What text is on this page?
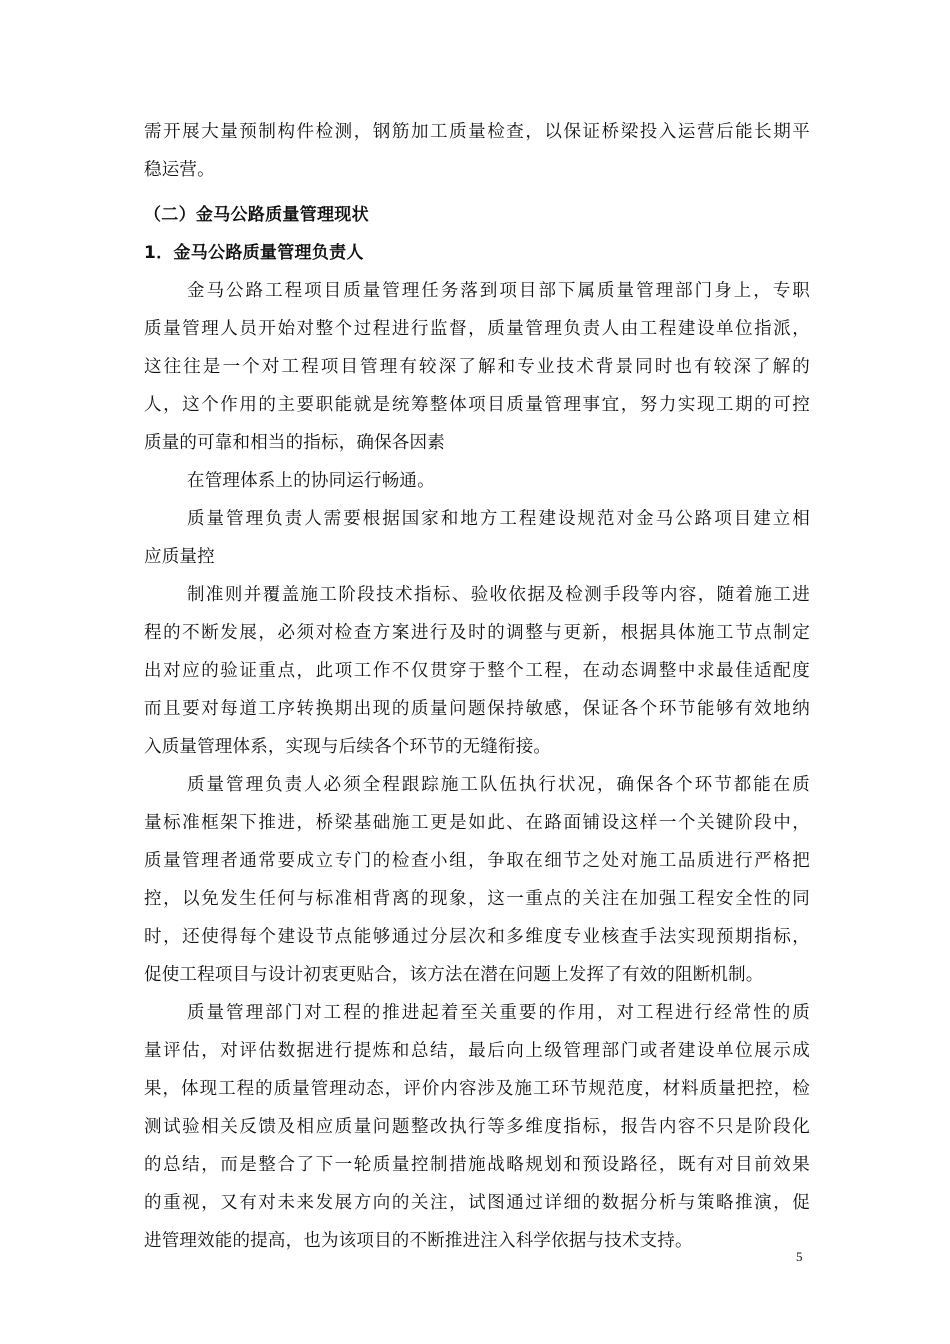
需开展大量预制构件检测，钢筋加工质量检查，以保证桥梁投入运营后能长期平
稳运营。
（二）金马公路质量管理现状
1．金马公路质量管理负责人
金马公路工程项目质量管理任务落到项目部下属质量管理部门身上，专职
质量管理人员开始对整个过程进行监督，质量管理负责人由工程建设单位指派，
这往往是一个对工程项目管理有较深了解和专业技术背景同时也有较深了解的
人，这个作用的主要职能就是统筹整体项目质量管理事宜，努力实现工期的可控
质量的可靠和相当的指标，确保各因素
在管理体系上的协同运行畅通。
质量管理负责人需要根据国家和地方工程建设规范对金马公路项目建立相
应质量控
制准则并覆盖施工阶段技术指标、验收依据及检测手段等内容，随着施工进
程的不断发展，必须对检查方案进行及时的调整与更新，根据具体施工节点制定
出对应的验证重点，此项工作不仅贯穿于整个工程，在动态调整中求最佳适配度
而且要对每道工序转换期出现的质量问题保持敏感，保证各个环节能够有效地纳
入质量管理体系，实现与后续各个环节的无缝衔接。
质量管理负责人必须全程跟踪施工队伍执行状况，确保各个环节都能在质
量标准框架下推进，桥梁基础施工更是如此、在路面铺设这样一个关键阶段中，
质量管理者通常要成立专门的检查小组，争取在细节之处对施工品质进行严格把
控，以免发生任何与标准相背离的现象，这一重点的关注在加强工程安全性的同
时，还使得每个建设节点能够通过分层次和多维度专业核查手法实现预期指标，
促使工程项目与设计初衷更贴合，该方法在潜在问题上发挥了有效的阻断机制。
质量管理部门对工程的推进起着至关重要的作用，对工程进行经常性的质
量评估，对评估数据进行提炼和总结，最后向上级管理部门或者建设单位展示成
果，体现工程的质量管理动态，评价内容涉及施工环节规范度，材料质量把控，检
测试验相关反馈及相应质量问题整改执行等多维度指标，报告内容不只是阶段化
的总结，而是整合了下一轮质量控制措施战略规划和预设路径，既有对目前效果
的重视，又有对未来发展方向的关注，试图通过详细的数据分析与策略推演，促
进管理效能的提高，也为该项目的不断推进注入科学依据与技术支持。
5
